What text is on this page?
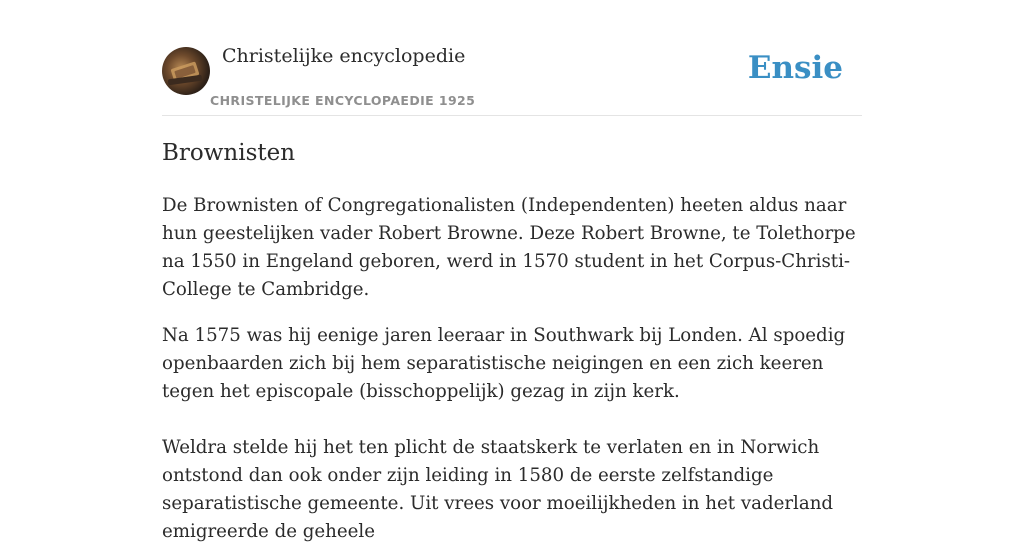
Christelijke encyclopedie
CHRISTELIJKE ENCYCLOPAEDIE 1925
Ensie
Brownisten

De Brownisten of Congregationalisten (Independenten) heeten aldus naar hun geestelijken vader Robert Browne. Deze Robert Browne, te Tolethorpe na 1550 in Engeland geboren, werd in 1570 student in het Corpus-Christi-College te Cambridge.

Na 1575 was hij eenige jaren leeraar in Southwark bij Londen. Al spoedig openbaarden zich bij hem separatistische neigingen en een zich keeren tegen het episcopale (bisschoppelijk) gezag in zijn kerk.

Weldra stelde hij het ten plicht de staatskerk te verlaten en in Norwich ontstond dan ook onder zijn leiding in 1580 de eerste zelfstandige separatistische gemeente. Uit vrees voor moeilijkheden in het vaderland emigreerde de geheele
